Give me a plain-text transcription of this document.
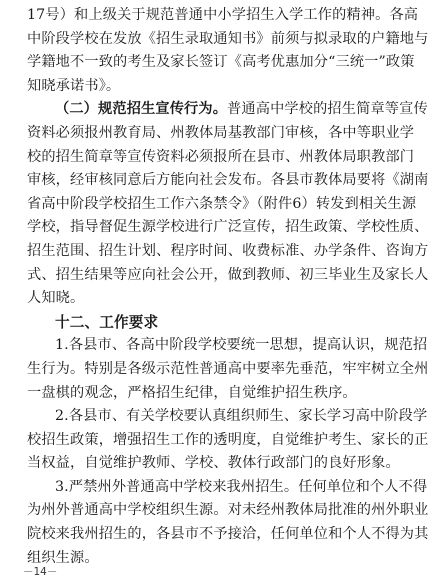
17号）和上级关于规范普通中小学招生入学工作的精神。各高
中阶段学校在发放《招生录取通知书》前须与拟录取的户籍地与
学籍地不一致的考生及家长签订《高考优惠加分“三统一”政策
知晓承诺书》。
（二）规范招生宣传行为。普通高中学校的招生简章等宣传
资料必须报州教育局、州教体局基教部门审核，各中等职业学
校的招生简章等宣传资料必须报所在县市、州教体局职教部门
审核，经审核同意后方能向社会发布。各县市教体局要将《湖南
省高中阶段学校招生工作六条禁令》（附件6）转发到相关生源
学校，指导督促生源学校进行广泛宣传，招生政策、学校性质、
招生范围、招生计划、程序时间、收费标准、办学条件、咨询方
式、招生结果等应向社会公开，做到教师、初三毕业生及家长人
人知晓。
十二、工作要求
1.各县市、各高中阶段学校要统一思想，提高认识，规范招
生行为。特别是各级示范性普通高中要率先垂范，牢牢树立全州
一盘棋的观念，严格招生纪律，自觉维护招生秩序。
2.各县市、有关学校要认真组织师生、家长学习高中阶段学
校招生政策，增强招生工作的透明度，自觉维护考生、家长的正
当权益，自觉维护教师、学校、教体行政部门的良好形象。
3.严禁州外普通高中学校来我州招生。任何单位和个人不得
为州外普通高中学校组织生源。对未经州教体局批准的州外职业
院校来我州招生的，各县市不予接洽，任何单位和个人不得为其
组织生源。
－14－
